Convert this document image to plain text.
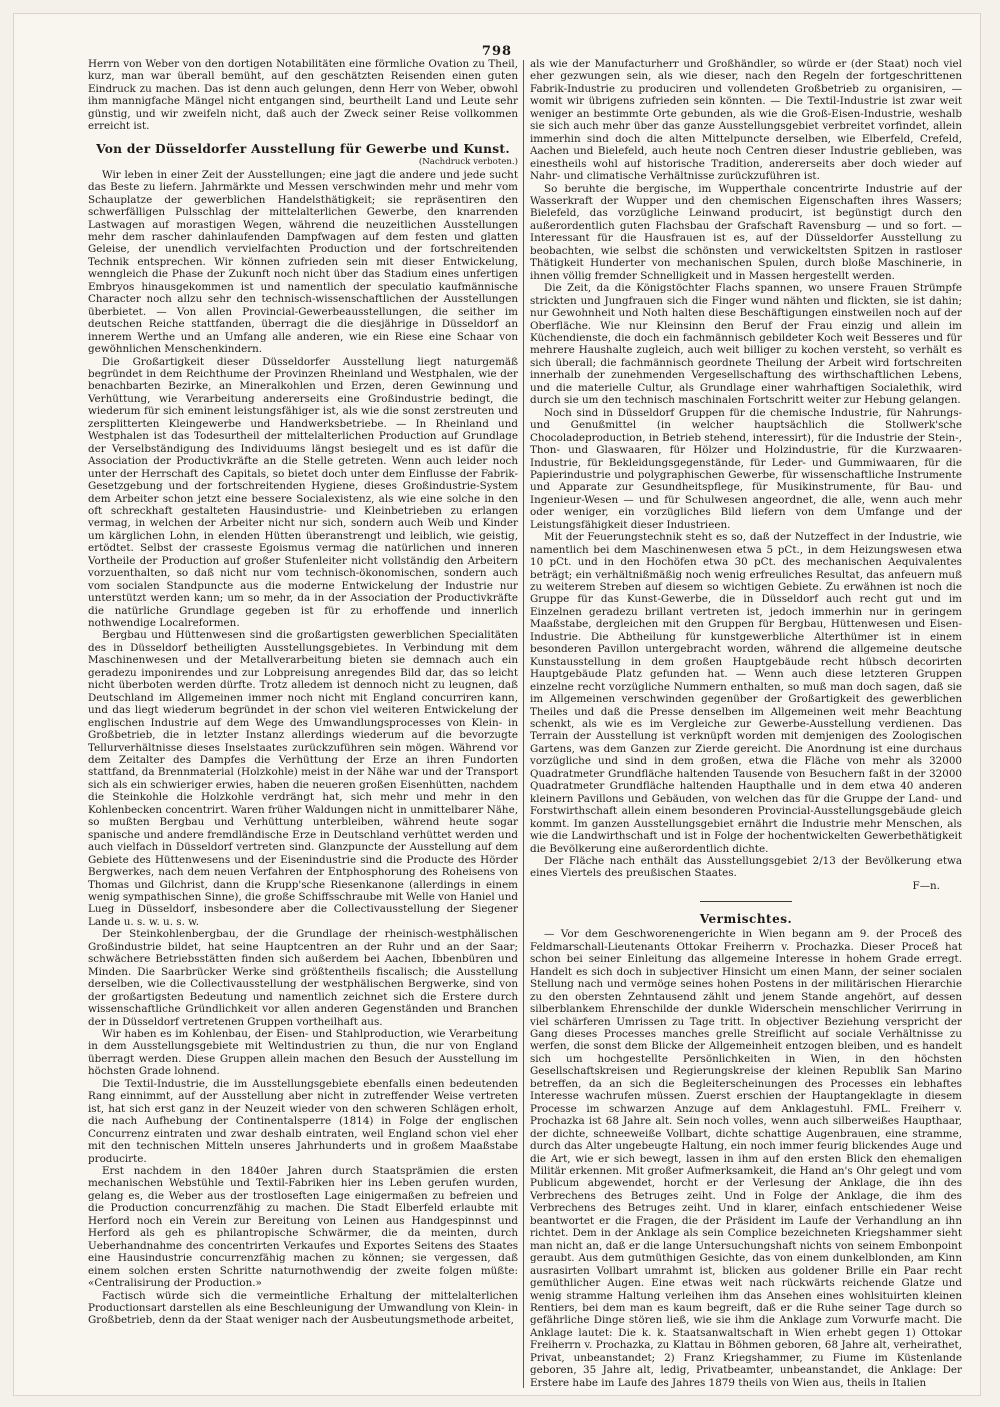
798

Herrn von Weber von den dortigen Notabilitäten eine förmliche Ovation zu Theil, kurz, man war überall bemüht, auf den geschätzten Reisenden einen guten Eindruck zu machen. Das ist denn auch gelungen, denn Herr von Weber, obwohl ihm mannigfache Mängel nicht entgangen sind, beurtheilt Land und Leute sehr günstig, und wir zweifeln nicht, daß auch der Zweck seiner Reise vollkommen erreicht ist.

Von der Düsseldorfer Ausstellung für Gewerbe und Kunst.
(Nachdruck verboten.)

Wir leben in einer Zeit der Ausstellungen; eine jagt die andere und jede sucht das Beste zu liefern. Jahrmärkte und Messen verschwinden mehr und mehr vom Schauplatze der gewerblichen Handelsthätigkeit; sie repräsentiren den schwerfälligen Pulsschlag der mittelalterlichen Gewerbe, den knarrenden Lastwagen auf morastigen Wegen, während die neuzeitlichen Ausstellungen mehr dem rascher dahinlaufenden Dampfwagen auf dem festen und glatten Geleise, der unendlich vervielfachten Production und der fortschreitenden Technik entsprechen. Wir können zufrieden sein mit dieser Entwickelung, wenngleich die Phase der Zukunft noch nicht über das Stadium eines unfertigen Embryos hinausgekommen ist und namentlich der speculatio kaufmännische Character noch allzu sehr den technisch-wissenschaftlichen der Ausstellungen überbietet. — Von allen Provincial-Gewerbeausstellungen, die seither im deutschen Reiche stattfanden, überragt die die diesjährige in Düsseldorf an innerem Werthe und an Umfang alle anderen, wie ein Riese eine Schaar von gewöhnlichen Menschenkindern.

Die Großartigkeit dieser Düsseldorfer Ausstellung liegt naturgemäß begründet in dem Reichthume der Provinzen Rheinland und Westphalen, wie der benachbarten Bezirke, an Mineralkohlen und Erzen, deren Gewinnung und Verhüttung, wie Verarbeitung andererseits eine Großindustrie bedingt, die wiederum für sich eminent leistungsfähiger ist, als wie die sonst zerstreuten und zersplitterten Kleingewerbe und Handwerksbetriebe. — In Rheinland und Westphalen ist das Todesurtheil der mittelalterlichen Production auf Grundlage der Verselbständigung des Individuums längst besiegelt und es ist dafür die Association der Productivkräfte an die Stelle getreten. Wenn auch leider noch unter der Herrschaft des Capitals, so bietet doch unter dem Einflusse der Fabrik-Gesetzgebung und der fortschreitenden Hygiene, dieses Großindustrie-System dem Arbeiter schon jetzt eine bessere Socialexistenz, als wie eine solche in den oft schreckhaft gestalteten Hausindustrie- und Kleinbetrieben zu erlangen vermag, in welchen der Arbeiter nicht nur sich, sondern auch Weib und Kinder um kärglichen Lohn, in elenden Hütten überanstrengt und leiblich, wie geistig, ertödtet. Selbst der crasseste Egoismus vermag die natürlichen und inneren Vortheile der Production auf großer Stufenleiter nicht vollständig den Arbeitern vorzuenthalten, so daß nicht nur vom technisch-ökonomischen, sondern auch vom socialen Standpuncte aus die moderne Entwickelung der Industrie nur unterstützt werden kann; um so mehr, da in der Association der Productivkräfte die natürliche Grundlage gegeben ist für zu erhoffende und innerlich nothwendige Localreformen.

Bergbau und Hüttenwesen sind die großartigsten gewerblichen Specialitäten des in Düsseldorf betheiligten Ausstellungsgebietes. In Verbindung mit dem Maschinenwesen und der Metallverarbeitung bieten sie demnach auch ein geradezu imponirendes und zur Lobpreisung anregendes Bild dar, das so leicht nicht überboten werden dürfte. Trotz alledem ist dennoch nicht zu leugnen, daß Deutschland im Allgemeinen immer noch nicht mit England concurriren kann, und das liegt wiederum begründet in der schon viel weiteren Entwickelung der englischen Industrie auf dem Wege des Umwandlungsprocesses von Klein- in Großbetrieb, die in letzter Instanz allerdings wiederum auf die bevorzugte Tellurverhältnisse dieses Inselstaates zurückzuführen sein mögen. Während vor dem Zeitalter des Dampfes die Verhüttung der Erze an ihren Fundorten stattfand, da Brennmaterial (Holzkohle) meist in der Nähe war und der Transport sich als ein schwieriger erwies, haben die neueren großen Eisenhütten, nachdem die Steinkohle die Holzkohle verdrängt hat, sich mehr und mehr in den Kohlenbecken concentrirt. Waren früher Waldungen nicht in unmittelbarer Nähe, so mußten Bergbau und Verhüttung unterbleiben, während heute sogar spanische und andere fremdländische Erze in Deutschland verhüttet werden und auch vielfach in Düsseldorf vertreten sind. Glanzpuncte der Ausstellung auf dem Gebiete des Hüttenwesens und der Eisenindustrie sind die Producte des Hörder Bergwerkes, nach dem neuen Verfahren der Entphosphorung des Roheisens von Thomas und Gilchrist, dann die Krupp'sche Riesenkanone (allerdings in einem wenig sympathischen Sinne), die große Schiffsschraube mit Welle von Haniel und Lueg in Düsseldorf, insbesondere aber die Collectivausstellung der Siegener Lande u. s. w. u. s. w.

Der Steinkohlenbergbau, der die Grundlage der rheinisch-westphälischen Großindustrie bildet, hat seine Hauptcentren an der Ruhr und an der Saar; schwächere Betriebsstätten finden sich außerdem bei Aachen, Ibbenbüren und Minden. Die Saarbrücker Werke sind größtentheils fiscalisch; die Ausstellung derselben, wie die Collectivausstellung der westphälischen Bergwerke, sind von der großartigsten Bedeutung und namentlich zeichnet sich die Erstere durch wissenschaftliche Gründlichkeit vor allen anderen Gegenständen und Branchen der in Düsseldorf vertretenen Gruppen vortheilhaft aus.

Wir haben es im Kohlenbau, der Eisen- und Stahlproduction, wie Verarbeitung in dem Ausstellungsgebiete mit Weltindustrien zu thun, die nur von England überragt werden. Diese Gruppen allein machen den Besuch der Ausstellung im höchsten Grade lohnend.

Die Textil-Industrie, die im Ausstellungsgebiete ebenfalls einen bedeutenden Rang einnimmt, auf der Ausstellung aber nicht in zutreffender Weise vertreten ist, hat sich erst ganz in der Neuzeit wieder von den schweren Schlägen erholt, die nach Aufhebung der Continentalsperre (1814) in Folge der englischen Concurrenz eintraten und zwar deshalb eintraten, weil England schon viel eher mit den technischen Mitteln unseres Jahrhunderts und in großem Maaßstabe producirte.

Erst nachdem in den 1840er Jahren durch Staatsprämien die ersten mechanischen Webstühle und Textil-Fabriken hier ins Leben gerufen wurden, gelang es, die Weber aus der trostloseften Lage einigermaßen zu befreien und die Production concurrenzfähig zu machen. Die Stadt Elberfeld erlaubte mit Herford noch ein Verein zur Bereitung von Leinen aus Handgespinnst und Herford als geh es philantropische Schwärmer, die da meinten, durch Ueberhandnahme des concentrirten Verkaufes und Exportes Seitens des Staates eine Hausindustrie concurrenzfähig machen zu können; sie vergessen, daß einem solchen ersten Schritte naturnothwendig der zweite folgen müßte: «Centralisirung der Production.»

Factisch würde sich die vermeintliche Erhaltung der mittelalterlichen Productionsart darstellen als eine Beschleunigung der Umwandlung von Klein- in Großbetrieb, denn da der Staat weniger nach der Ausbeutungsmethode arbeitet,

als wie der Manufacturherr und Großhändler, so würde er (der Staat) noch viel eher gezwungen sein, als wie dieser, nach den Regeln der fortgeschrittenen Fabrik-Industrie zu produciren und vollendeten Großbetrieb zu organisiren, — womit wir übrigens zufrieden sein könnten. — Die Textil-Industrie ist zwar weit weniger an bestimmte Orte gebunden, als wie die Groß-Eisen-Industrie, weshalb sie sich auch mehr über das ganze Ausstellungsgebiet verbreitet vorfindet, allein immerhin sind doch die alten Mittelpuncte derselben, wie Elberfeld, Crefeld, Aachen und Bielefeld, auch heute noch Centren dieser Industrie geblieben, was einestheils wohl auf historische Tradition, andererseits aber doch wieder auf Nahr- und climatische Verhältnisse zurückzuführen ist.

So beruhte die bergische, im Wupperthale concentrirte Industrie auf der Wasserkraft der Wupper und den chemischen Eigenschaften ihres Wassers; Bielefeld, das vorzügliche Leinwand producirt, ist begünstigt durch den außerordentlich guten Flachsbau der Grafschaft Ravensburg — und so fort. — Interessant für die Hausfrauen ist es, auf der Düsseldorfer Ausstellung zu beobachten, wie selbst die schönsten und verwickeltsten Spitzen in rastloser Thätigkeit Hunderter von mechanischen Spulen, durch bloße Maschinerie, in ihnen völlig fremder Schnelligkeit und in Massen hergestellt werden.

Die Zeit, da die Königstöchter Flachs spannen, wo unsere Frauen Strümpfe strickten und Jungfrauen sich die Finger wund nähten und flickten, sie ist dahin; nur Gewohnheit und Noth halten diese Beschäftigungen einstweilen noch auf der Oberfläche. Wie nur Kleinsinn den Beruf der Frau einzig und allein im Küchendienste, die doch ein fachmännisch gebildeter Koch weit Besseres und für mehrere Haushalte zugleich, auch weit billiger zu kochen versteht, so verhält es sich überall; die fachmännisch geordnete Theilung der Arbeit wird fortschreiten innerhalb der zunehmenden Vergesellschaftung des wirthschaftlichen Lebens, und die materielle Cultur, als Grundlage einer wahrhaftigen Socialethik, wird durch sie um den technisch maschinalen Fortschritt weiter zur Hebung gelangen.

Noch sind in Düsseldorf Gruppen für die chemische Industrie, für Nahrungs- und Genußmittel (in welcher hauptsächlich die Stollwerk'sche Chocoladeproduction, in Betrieb stehend, interessirt), für die Industrie der Stein-, Thon- und Glaswaaren, für Hölzer und Holzindustrie, für die Kurzwaaren-Industrie, für Bekleidungsgegenstände, für Leder- und Gummiwaaren, für die Papierindustrie und polygraphischen Gewerbe, für wissenschaftliche Instrumente und Apparate zur Gesundheitspflege, für Musikinstrumente, für Bau- und Ingenieur-Wesen — und für Schulwesen angeordnet, die alle, wenn auch mehr oder weniger, ein vorzügliches Bild liefern von dem Umfange und der Leistungsfähigkeit dieser Industrieen.

Mit der Feuerungstechnik steht es so, daß der Nutzeffect in der Industrie, wie namentlich bei dem Maschinenwesen etwa 5 pCt., in dem Heizungswesen etwa 10 pCt. und in den Hochöfen etwa 30 pCt. des mechanischen Aequivalentes beträgt; ein verhältnißmäßig noch wenig erfreuliches Resultat, das anfeuern muß zu weiterem Streben auf diesem so wichtigen Gebiete. Zu erwähnen ist noch die Gruppe für das Kunst-Gewerbe, die in Düsseldorf auch recht gut und im Einzelnen geradezu brillant vertreten ist, jedoch immerhin nur in geringem Maaßstabe, dergleichen mit den Gruppen für Bergbau, Hüttenwesen und Eisen-Industrie. Die Abtheilung für kunstgewerbliche Alterthümer ist in einem besonderen Pavillon untergebracht worden, während die allgemeine deutsche Kunstausstellung in dem großen Hauptgebäude recht hübsch decorirten Hauptgebäude Platz gefunden hat. — Wenn auch diese letzteren Gruppen einzelne recht vorzügliche Nummern enthalten, so muß man doch sagen, daß sie im Allgemeinen verschwinden gegenüber der Großartigkeit des gewerblichen Theiles und daß die Presse denselben im Allgemeinen weit mehr Beachtung schenkt, als wie es im Vergleiche zur Gewerbe-Ausstellung verdienen. Das Terrain der Ausstellung ist verknüpft worden mit demjenigen des Zoologischen Gartens, was dem Ganzen zur Zierde gereicht. Die Anordnung ist eine durchaus vorzügliche und sind in dem großen, etwa die Fläche von mehr als 32000 Quadratmeter Grundfläche haltenden Tausende von Besuchern faßt in der 32000 Quadratmeter Grundfläche haltenden Haupthalle und in dem etwa 40 anderen kleinern Pavillons und Gebäuden, von welchen das für die Gruppe der Land- und Forstwirthschaft allein einem besonderen Provincial-Ausstellungsgebäude gleich kommt. Im ganzen Ausstellungsgebiet ernährt die Industrie mehr Menschen, als wie die Landwirthschaft und ist in Folge der hochentwickelten Gewerbethätigkeit die Bevölkerung eine außerordentlich dichte.

Der Fläche nach enthält das Ausstellungsgebiet 2/13 der Bevölkerung etwa eines Viertels des preußischen Staates.

F—n.
Vermischtes.

— Vor dem Geschworenengerichte in Wien begann am 9. der Proceß des Feldmarschall-Lieutenants Ottokar Freiherrn v. Prochazka. Dieser Proceß hat schon bei seiner Einleitung das allgemeine Interesse in hohem Grade erregt. Handelt es sich doch in subjectiver Hinsicht um einen Mann, der seiner socialen Stellung nach und vermöge seines hohen Postens in der militärischen Hierarchie zu den obersten Zehntausend zählt und jenem Stande angehört, auf dessen silberblankem Ehrenschilde der dunkle Widerschein menschlicher Verirrung in viel schärferen Umrissen zu Tage tritt. In objectiver Beziehung verspricht der Gang dieses Processes manches grelle Streiflicht auf sociale Verhältnisse zu werfen, die sonst dem Blicke der Allgemeinheit entzogen bleiben, und es handelt sich um hochgestellte Persönlichkeiten in Wien, in den höchsten Gesellschaftskreisen und Regierungskreise der kleinen Republik San Marino betreffen, da an sich die Begleiterscheinungen des Processes ein lebhaftes Interesse wachrufen müssen. Zuerst erschien der Hauptangeklagte in diesem Processe im schwarzen Anzuge auf dem Anklagestuhl. FML. Freiherr v. Prochazka ist 68 Jahre alt. Sein noch volles, wenn auch silberweißes Haupthaar, der dichte, schneeweiße Vollbart, dichte schattige Augenbrauen, eine stramme, durch das Alter ungebeugte Haltung, ein noch immer feurig blickendes Auge und die Art, wie er sich bewegt, lassen in ihm auf den ersten Blick den ehemaligen Militär erkennen. Mit großer Aufmerksamkeit, die Hand an's Ohr gelegt und vom Publicum abgewendet, horcht er der Verlesung der Anklage, die ihn des Verbrechens des Betruges zeiht. Und in Folge der Anklage, die ihm des Verbrechens des Betruges zeiht. Und in klarer, einfach entschiedener Weise beantwortet er die Fragen, die der Präsident im Laufe der Verhandlung an ihn richtet. Dem in der Anklage als sein Complice bezeichneten Kriegshammer sieht man nicht an, daß er die lange Untersuchungshaft nichts von seinem Embonpoint geraubt. Aus dem gutmüthigen Gesichte, das von einem dunkelblonden, am Kinn ausrasirten Vollbart umrahmt ist, blicken aus goldener Brille ein Paar recht gemüthlicher Augen. Eine etwas weit nach rückwärts reichende Glatze und wenig stramme Haltung verleihen ihm das Ansehen eines wohlsituirten kleinen Rentiers, bei dem man es kaum begreift, daß er die Ruhe seiner Tage durch so gefährliche Dinge stören ließ, wie sie ihm die Anklage zum Vorwurfe macht. Die Anklage lautet: Die k. k. Staatsanwaltschaft in Wien erhebt gegen 1) Ottokar Freiherrn v. Prochazka, zu Klattau in Böhmen geboren, 68 Jahre alt, verheirathet, Privat, unbeanstandet; 2) Franz Kriegshammer, zu Fiume im Küstenlande geboren, 35 Jahre alt, ledig, Privatbeamter, unbeanstandet, die Anklage: Der Erstere habe im Laufe des Jahres 1879 theils von Wien aus, theils in Italien
